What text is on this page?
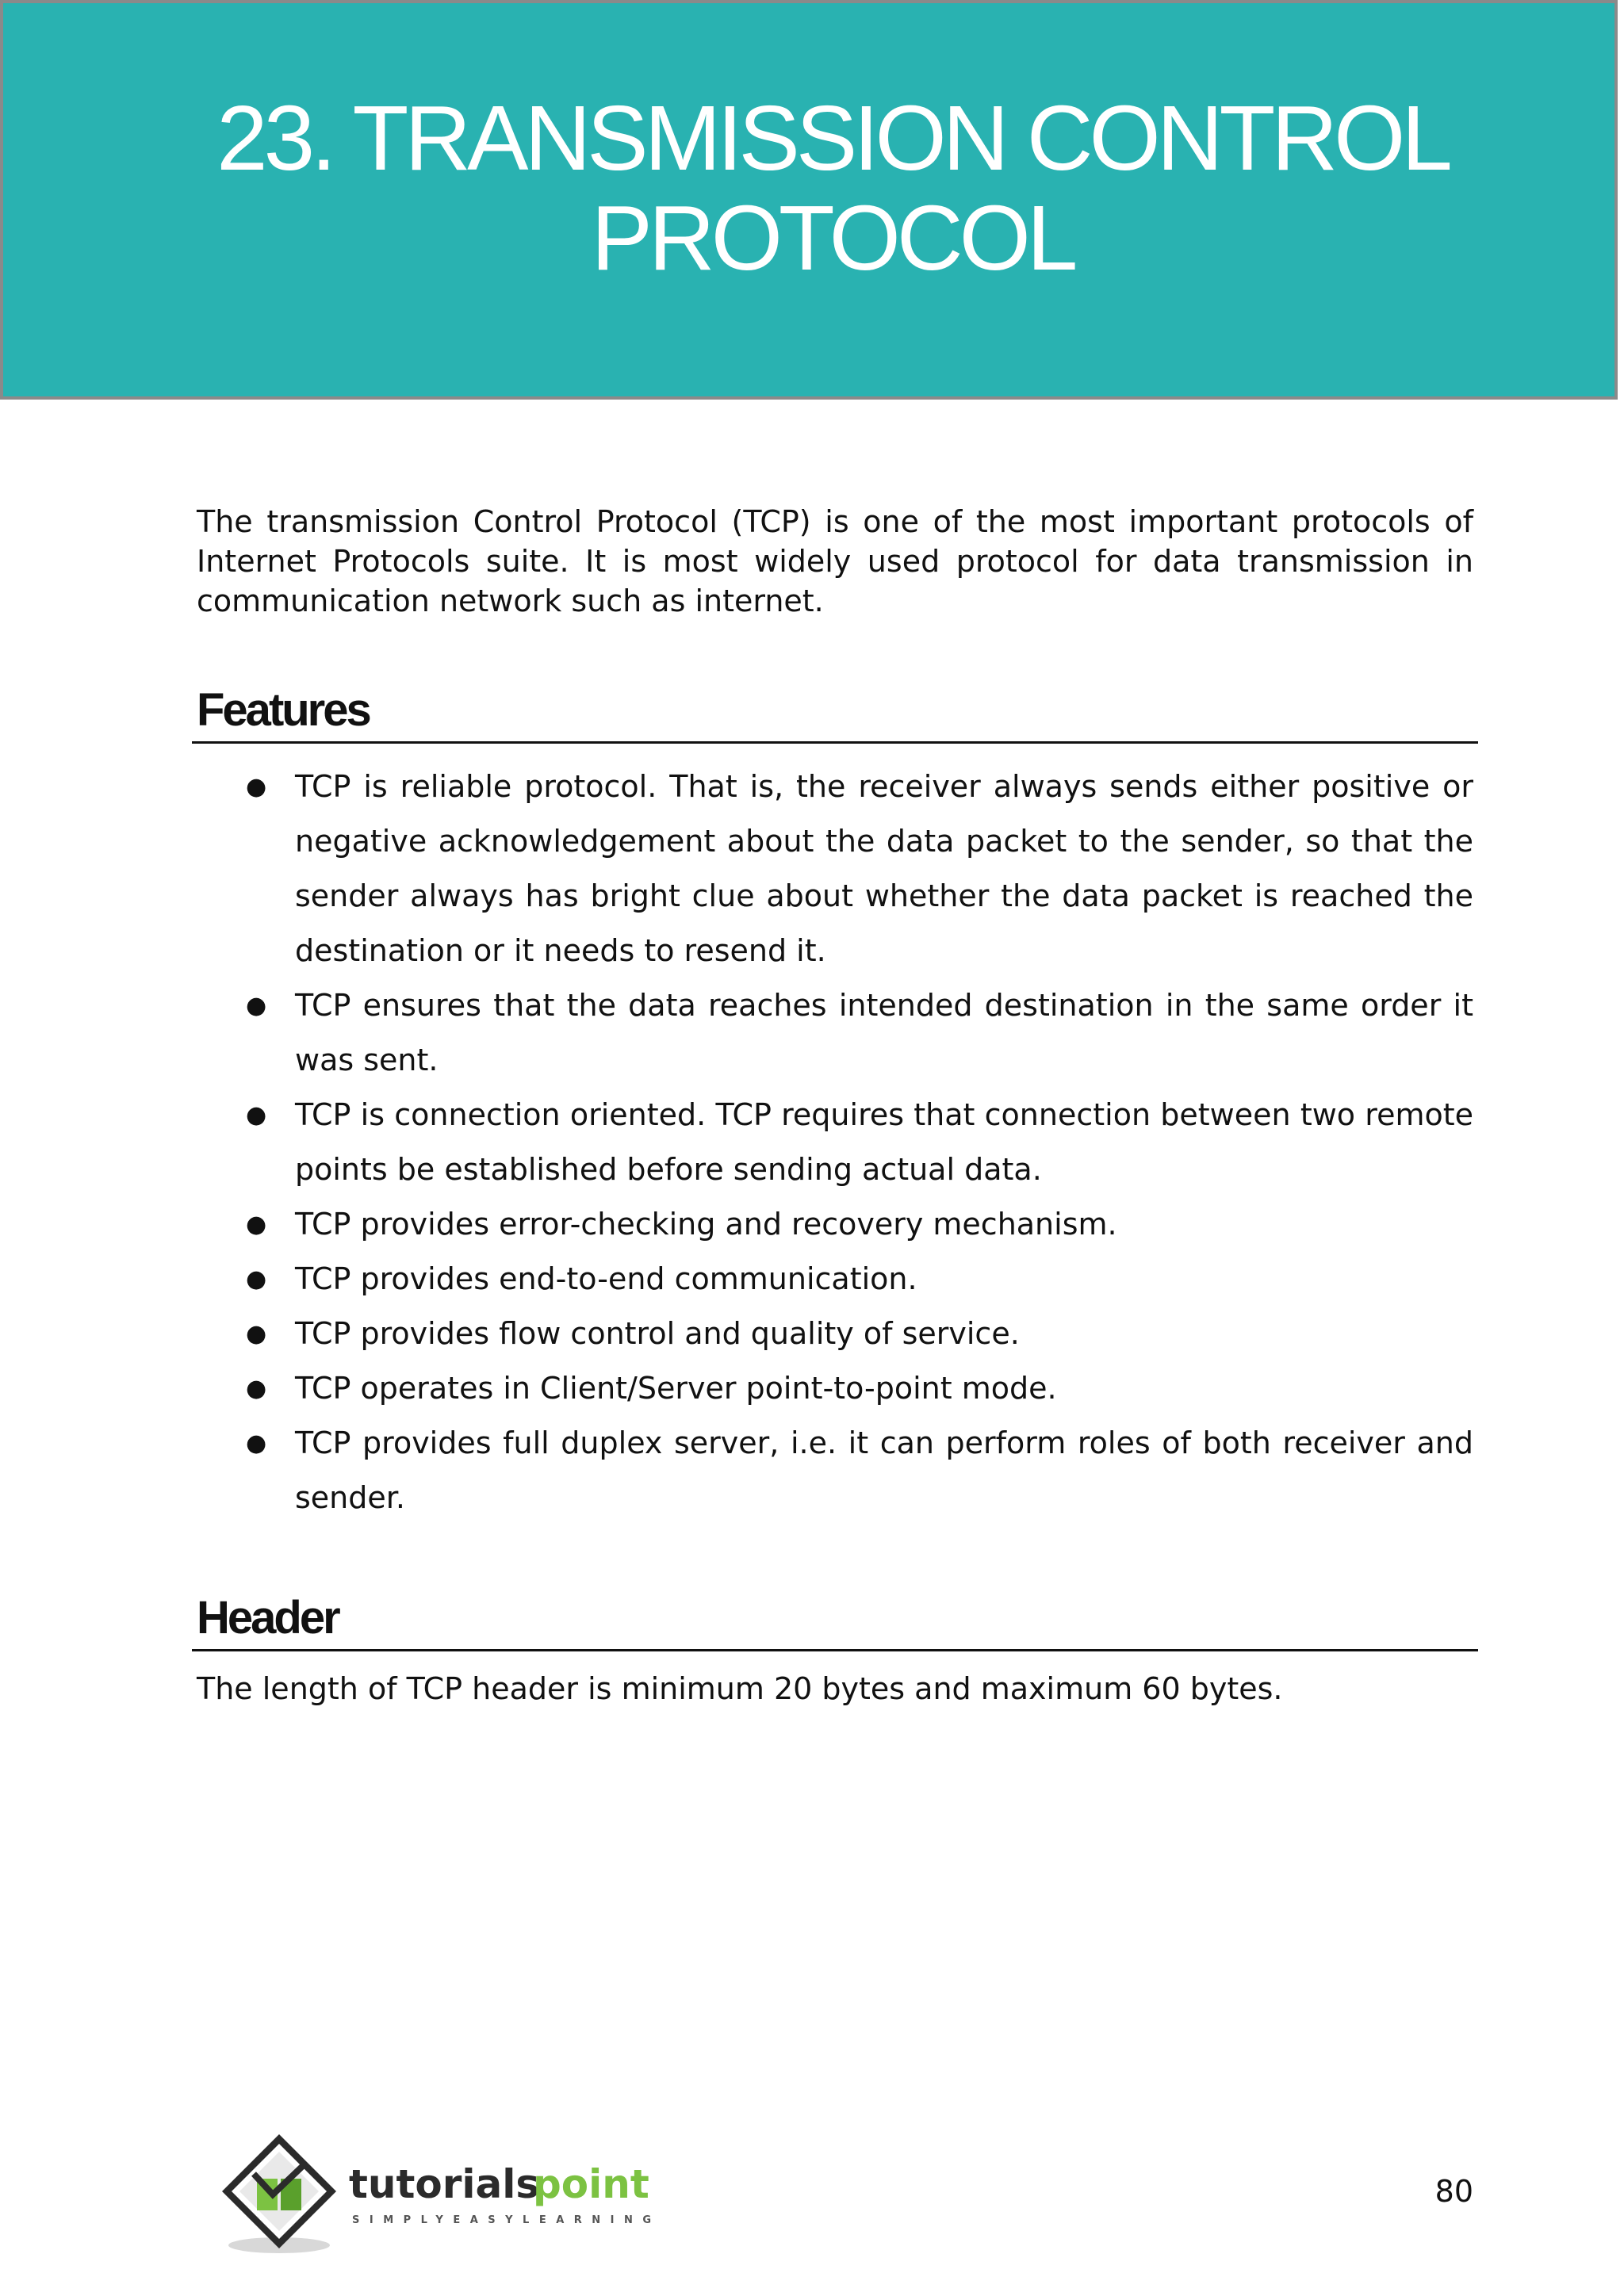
23. TRANSMISSION CONTROL
PROTOCOL

The transmission Control Protocol (TCP) is one of the most important protocols of Internet Protocols suite. It is most widely used protocol for data transmission in communication network such as internet.

Features
● TCP is reliable protocol. That is, the receiver always sends either positive or negative acknowledgement about the data packet to the sender, so that the sender always has bright clue about whether the data packet is reached the destination or it needs to resend it.
● TCP ensures that the data reaches intended destination in the same order it was sent.
● TCP is connection oriented. TCP requires that connection between two remote points be established before sending actual data.
● TCP provides error-checking and recovery mechanism.
● TCP provides end-to-end communication.
● TCP provides flow control and quality of service.
● TCP operates in Client/Server point-to-point mode.
● TCP provides full duplex server, i.e. it can perform roles of both receiver and sender.
Header

The length of TCP header is minimum 20 bytes and maximum 60 bytes.

tutorials
point
SIMPLYEASYLEARNING
80
